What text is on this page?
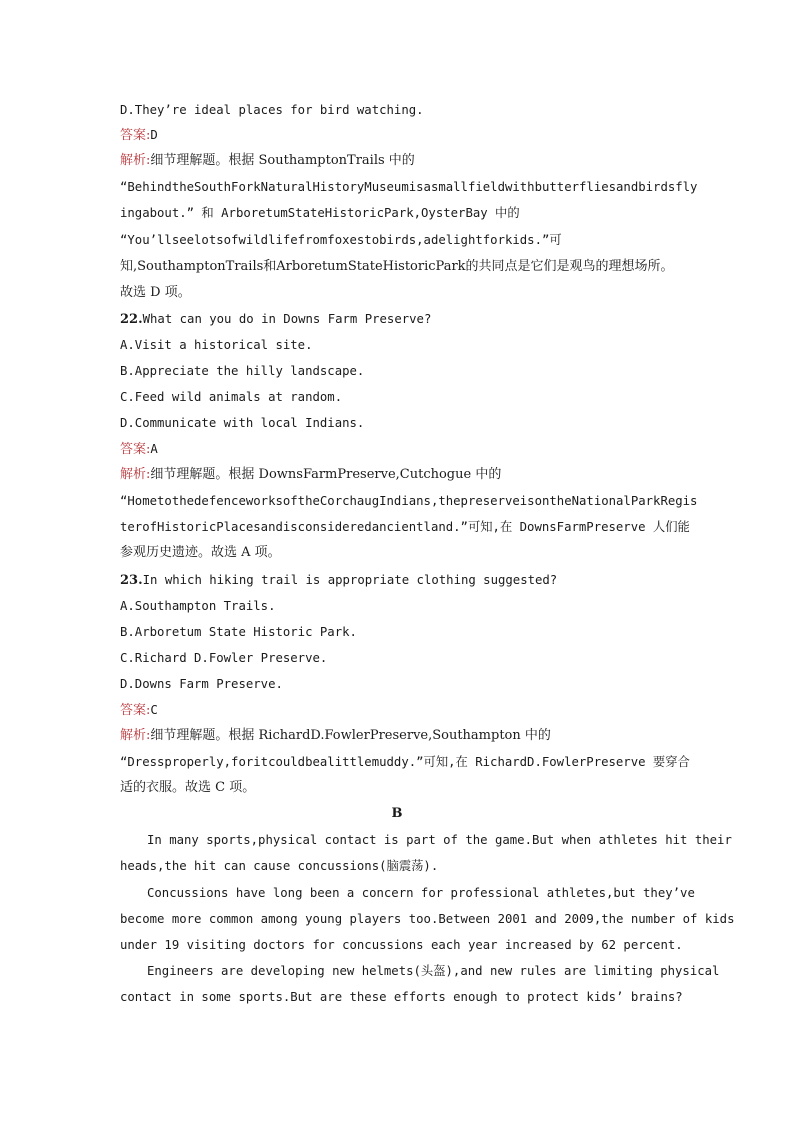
D.They’re ideal places for bird watching.
答案:D
解析:细节理解题。根据 SouthamptonTrails 中的
“BehindtheSouthForkNaturalHistoryMuseumisasmallfieldwithbutterfliesandbirdsfly
ingabout.” 和 ArboretumStateHistoricPark,OysterBay 中的
“You’llseelotsofwildlifefromfoxestobirds,adelightforkids.”可
知,SouthamptonTrails和ArboretumStateHistoricPark的共同点是它们是观鸟的理想场所。
故选 D 项。
22.What can you do in Downs Farm Preserve?
A.Visit a historical site.
B.Appreciate the hilly landscape.
C.Feed wild animals at random.
D.Communicate with local Indians.
答案:A
解析:细节理解题。根据 DownsFarmPreserve,Cutchogue 中的
“HometothedefenceworksoftheCorchaugIndians,thepreserveisontheNationalParkRegis
terofHistoricPlacesandisconsideredancientland.”可知,在 DownsFarmPreserve 人们能
参观历史遗迹。故选 A 项。
23.In which hiking trail is appropriate clothing suggested?
A.Southampton Trails.
B.Arboretum State Historic Park.
C.Richard D.Fowler Preserve.
D.Downs Farm Preserve.
答案:C
解析:细节理解题。根据 RichardD.FowlerPreserve,Southampton 中的
“Dressproperly,foritcouldbealittlemuddy.”可知,在 RichardD.FowlerPreserve 要穿合
适的衣服。故选 C 项。
B
In many sports,physical contact is part of the game.But when athletes hit their
heads,the hit can cause concussions(脑震荡).
Concussions have long been a concern for professional athletes,but they’ve
become more common among young players too.Between 2001 and 2009,the number of kids
under 19 visiting doctors for concussions each year increased by 62 percent.
Engineers are developing new helmets(头盔),and new rules are limiting physical
contact in some sports.But are these efforts enough to protect kids’ brains?
